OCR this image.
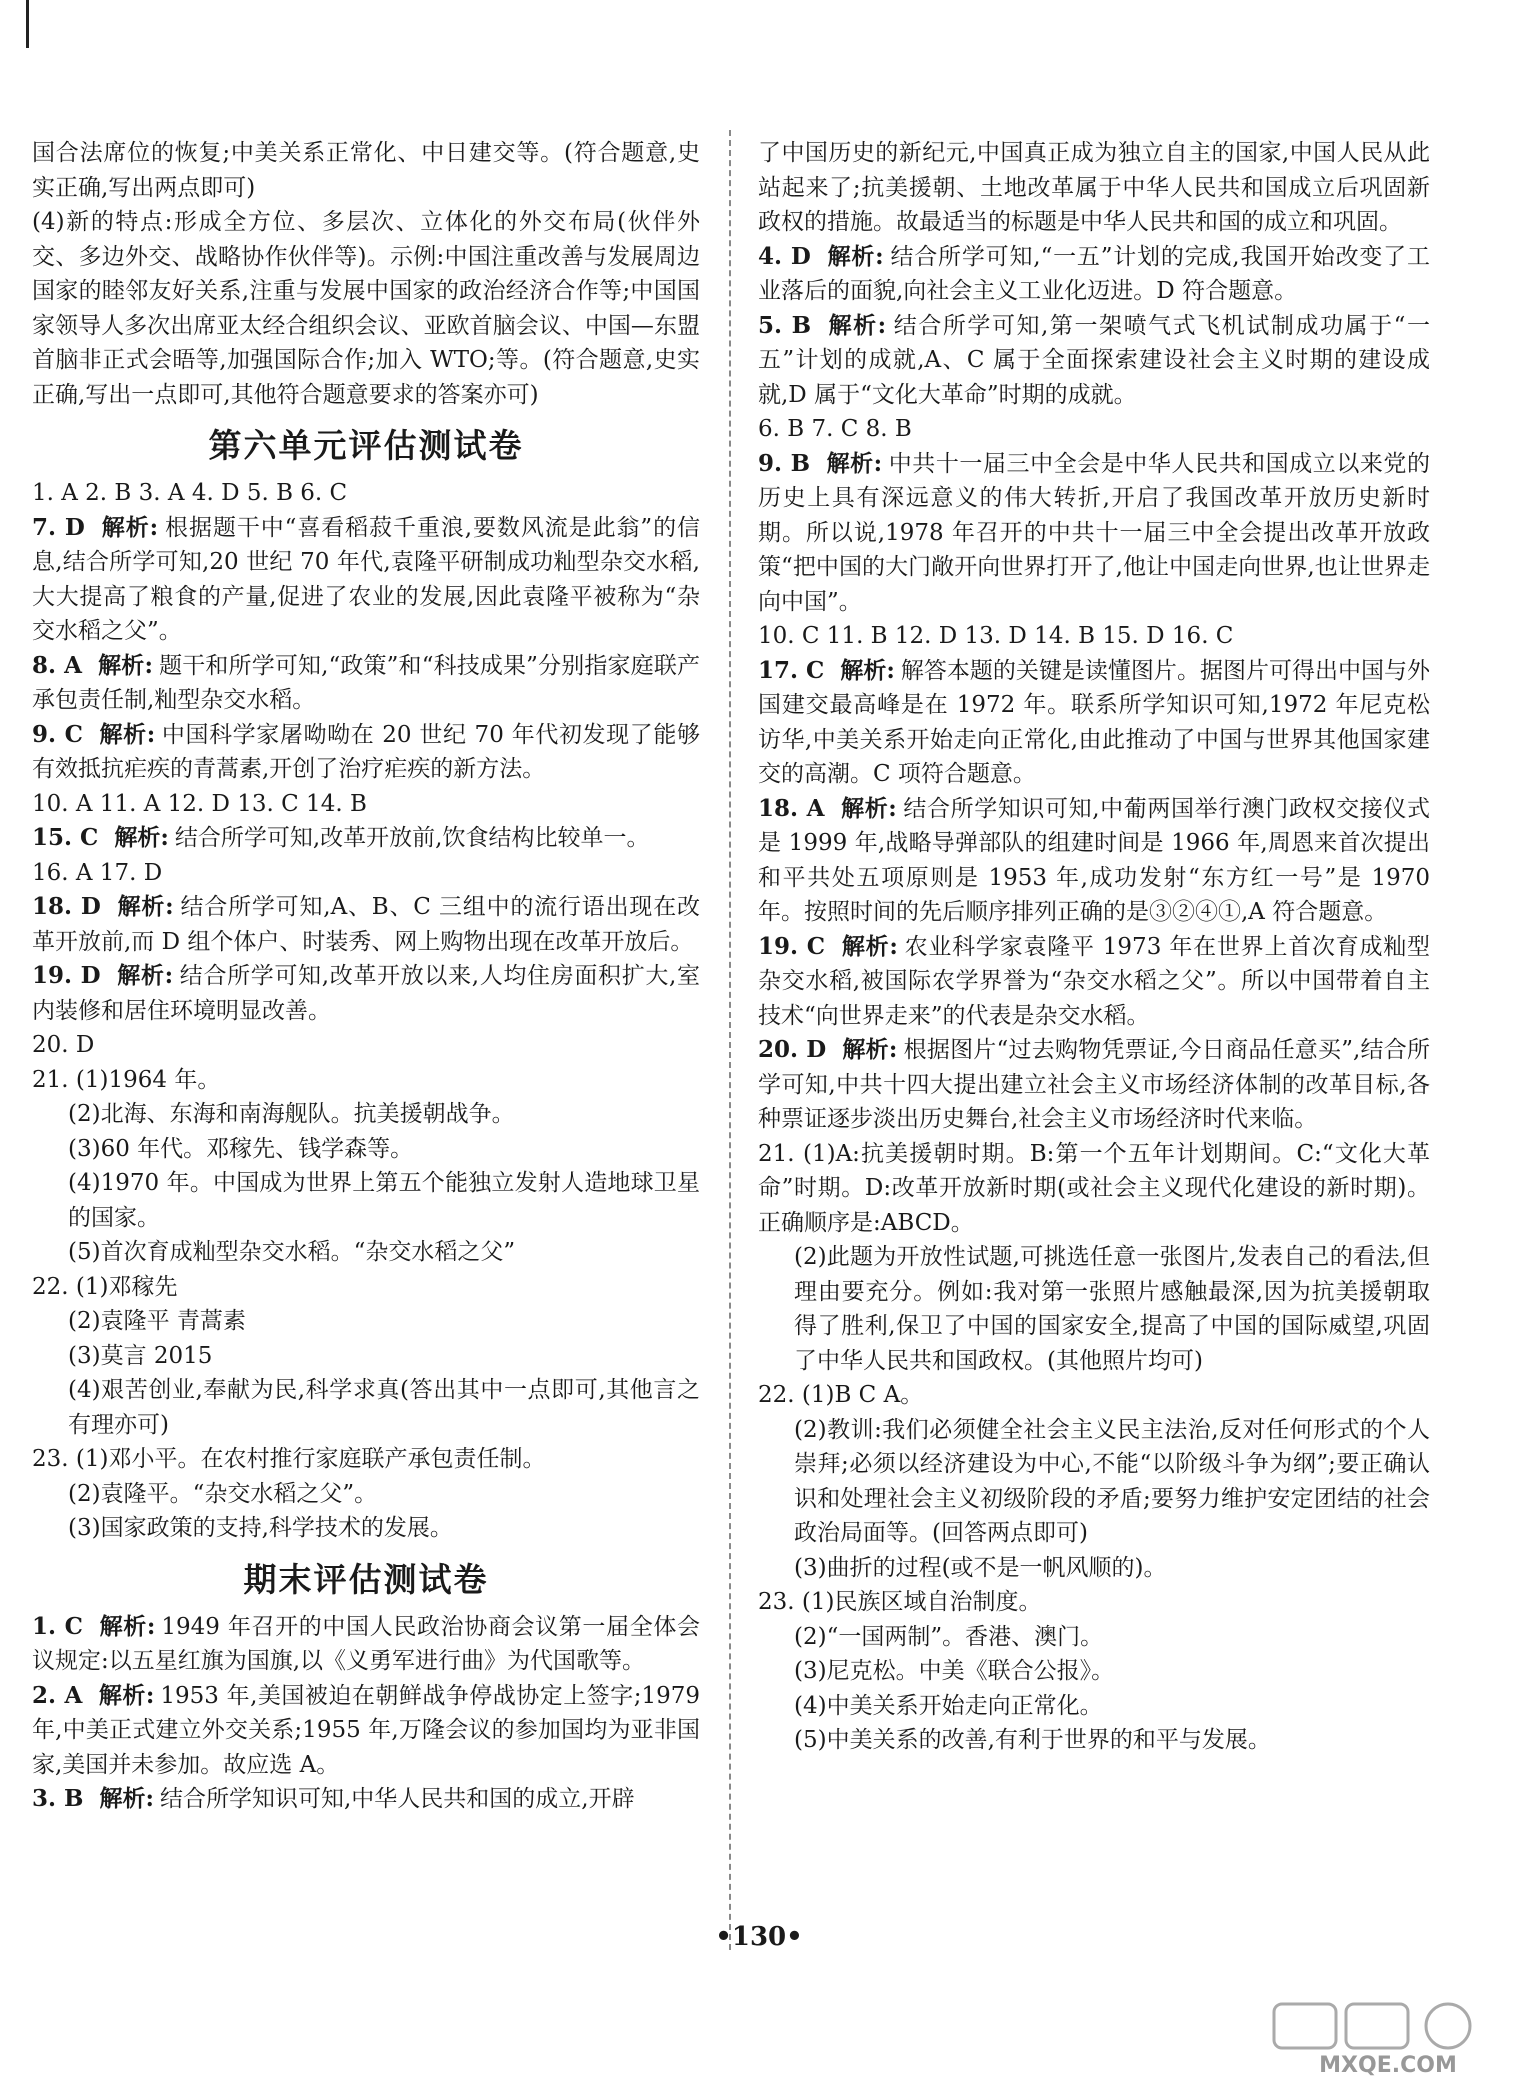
国合法席位的恢复;中美关系正常化、中日建交等。(符合题意,史实正确,写出两点即可)

(4)新的特点:形成全方位、多层次、立体化的外交布局(伙伴外交、多边外交、战略协作伙伴等)。示例:中国注重改善与发展周边国家的睦邻友好关系,注重与发展中国家的政治经济合作等;中国国家领导人多次出席亚太经合组织会议、亚欧首脑会议、中国—东盟首脑非正式会晤等,加强国际合作;加入 WTO;等。(符合题意,史实正确,写出一点即可,其他符合题意要求的答案亦可)

第六单元评估测试卷

1. A 2. B 3. A 4. D 5. B 6. C

7. D 解析: 根据题干中“喜看稻菽千重浪,要数风流是此翁”的信息,结合所学可知,20 世纪 70 年代,袁隆平研制成功籼型杂交水稻,大大提高了粮食的产量,促进了农业的发展,因此袁隆平被称为“杂交水稻之父”。

8. A 解析: 题干和所学可知,“政策”和“科技成果”分别指家庭联产承包责任制,籼型杂交水稻。

9. C 解析: 中国科学家屠呦呦在 20 世纪 70 年代初发现了能够有效抵抗疟疾的青蒿素,开创了治疗疟疾的新方法。

10. A 11. A 12. D 13. C 14. B

15. C 解析: 结合所学可知,改革开放前,饮食结构比较单一。

16. A 17. D

18. D 解析: 结合所学可知,A、B、C 三组中的流行语出现在改革开放前,而 D 组个体户、时装秀、网上购物出现在改革开放后。

19. D 解析: 结合所学可知,改革开放以来,人均住房面积扩大,室内装修和居住环境明显改善。

20. D

21. (1)1964 年。

(2)北海、东海和南海舰队。抗美援朝战争。

(3)60 年代。邓稼先、钱学森等。

(4)1970 年。中国成为世界上第五个能独立发射人造地球卫星的国家。

(5)首次育成籼型杂交水稻。“杂交水稻之父”

22. (1)邓稼先

(2)袁隆平 青蒿素

(3)莫言 2015

(4)艰苦创业,奉献为民,科学求真(答出其中一点即可,其他言之有理亦可)

23. (1)邓小平。在农村推行家庭联产承包责任制。

(2)袁隆平。“杂交水稻之父”。

(3)国家政策的支持,科学技术的发展。

期末评估测试卷

1. C 解析: 1949 年召开的中国人民政治协商会议第一届全体会议规定:以五星红旗为国旗,以《义勇军进行曲》为代国歌等。

2. A 解析: 1953 年,美国被迫在朝鲜战争停战协定上签字;1979 年,中美正式建立外交关系;1955 年,万隆会议的参加国均为亚非国家,美国并未参加。故应选 A。

3. B 解析: 结合所学知识可知,中华人民共和国的成立,开辟

了中国历史的新纪元,中国真正成为独立自主的国家,中国人民从此站起来了;抗美援朝、土地改革属于中华人民共和国成立后巩固新政权的措施。故最适当的标题是中华人民共和国的成立和巩固。

4. D 解析: 结合所学可知,“一五”计划的完成,我国开始改变了工业落后的面貌,向社会主义工业化迈进。D 符合题意。

5. B 解析: 结合所学可知,第一架喷气式飞机试制成功属于“一五”计划的成就,A、C 属于全面探索建设社会主义时期的建设成就,D 属于“文化大革命”时期的成就。

6. B 7. C 8. B

9. B 解析: 中共十一届三中全会是中华人民共和国成立以来党的历史上具有深远意义的伟大转折,开启了我国改革开放历史新时期。所以说,1978 年召开的中共十一届三中全会提出改革开放政策“把中国的大门敞开向世界打开了,他让中国走向世界,也让世界走向中国”。

10. C 11. B 12. D 13. D 14. B 15. D 16. C

17. C 解析: 解答本题的关键是读懂图片。据图片可得出中国与外国建交最高峰是在 1972 年。联系所学知识可知,1972 年尼克松访华,中美关系开始走向正常化,由此推动了中国与世界其他国家建交的高潮。C 项符合题意。

18. A 解析: 结合所学知识可知,中葡两国举行澳门政权交接仪式是 1999 年,战略导弹部队的组建时间是 1966 年,周恩来首次提出和平共处五项原则是 1953 年,成功发射“东方红一号”是 1970 年。按照时间的先后顺序排列正确的是③②④①,A 符合题意。

19. C 解析: 农业科学家袁隆平 1973 年在世界上首次育成籼型杂交水稻,被国际农学界誉为“杂交水稻之父”。所以中国带着自主技术“向世界走来”的代表是杂交水稻。

20. D 解析: 根据图片“过去购物凭票证,今日商品任意买”,结合所学可知,中共十四大提出建立社会主义市场经济体制的改革目标,各种票证逐步淡出历史舞台,社会主义市场经济时代来临。

21. (1)A:抗美援朝时期。B:第一个五年计划期间。C:“文化大革命”时期。D:改革开放新时期(或社会主义现代化建设的新时期)。正确顺序是:ABCD。

(2)此题为开放性试题,可挑选任意一张图片,发表自己的看法,但理由要充分。例如:我对第一张照片感触最深,因为抗美援朝取得了胜利,保卫了中国的国家安全,提高了中国的国际威望,巩固了中华人民共和国政权。(其他照片均可)

22. (1)B C A。

(2)教训:我们必须健全社会主义民主法治,反对任何形式的个人崇拜;必须以经济建设为中心,不能“以阶级斗争为纲”;要正确认识和处理社会主义初级阶段的矛盾;要努力维护安定团结的社会政治局面等。(回答两点即可)

(3)曲折的过程(或不是一帆风顺的)。

23. (1)民族区域自治制度。

(2)“一国两制”。香港、澳门。

(3)尼克松。中美《联合公报》。

(4)中美关系开始走向正常化。

(5)中美关系的改善,有利于世界的和平与发展。

•130•
MXQE.COM
